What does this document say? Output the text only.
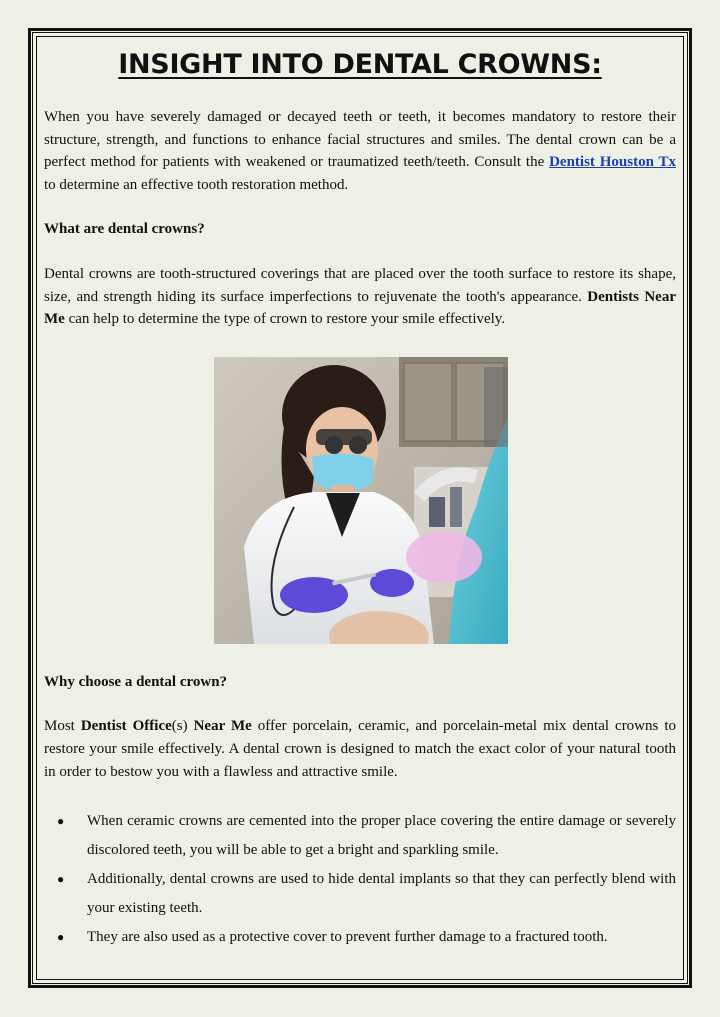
INSIGHT INTO DENTAL CROWNS:

When you have severely damaged or decayed teeth or teeth, it becomes mandatory to restore their structure, strength, and functions to enhance facial structures and smiles. The dental crown can be a perfect method for patients with weakened or traumatized teeth/teeth. Consult the Dentist Houston Tx to determine an effective tooth restoration method.

What are dental crowns?

Dental crowns are tooth-structured coverings that are placed over the tooth surface to restore its shape, size, and strength hiding its surface imperfections to rejuvenate the tooth's appearance. Dentists Near Me can help to determine the type of crown to restore your smile effectively.

Why choose a dental crown?

Most Dentist Office(s) Near Me offer porcelain, ceramic, and porcelain-metal mix dental crowns to restore your smile effectively. A dental crown is designed to match the exact color of your natural tooth in order to bestow you with a flawless and attractive smile.

● When ceramic crowns are cemented into the proper place covering the entire damage or severely discolored teeth, you will be able to get a bright and sparkling smile.
● Additionally, dental crowns are used to hide dental implants so that they can perfectly blend with your existing teeth.
● They are also used as a protective cover to prevent further damage to a fractured tooth.
